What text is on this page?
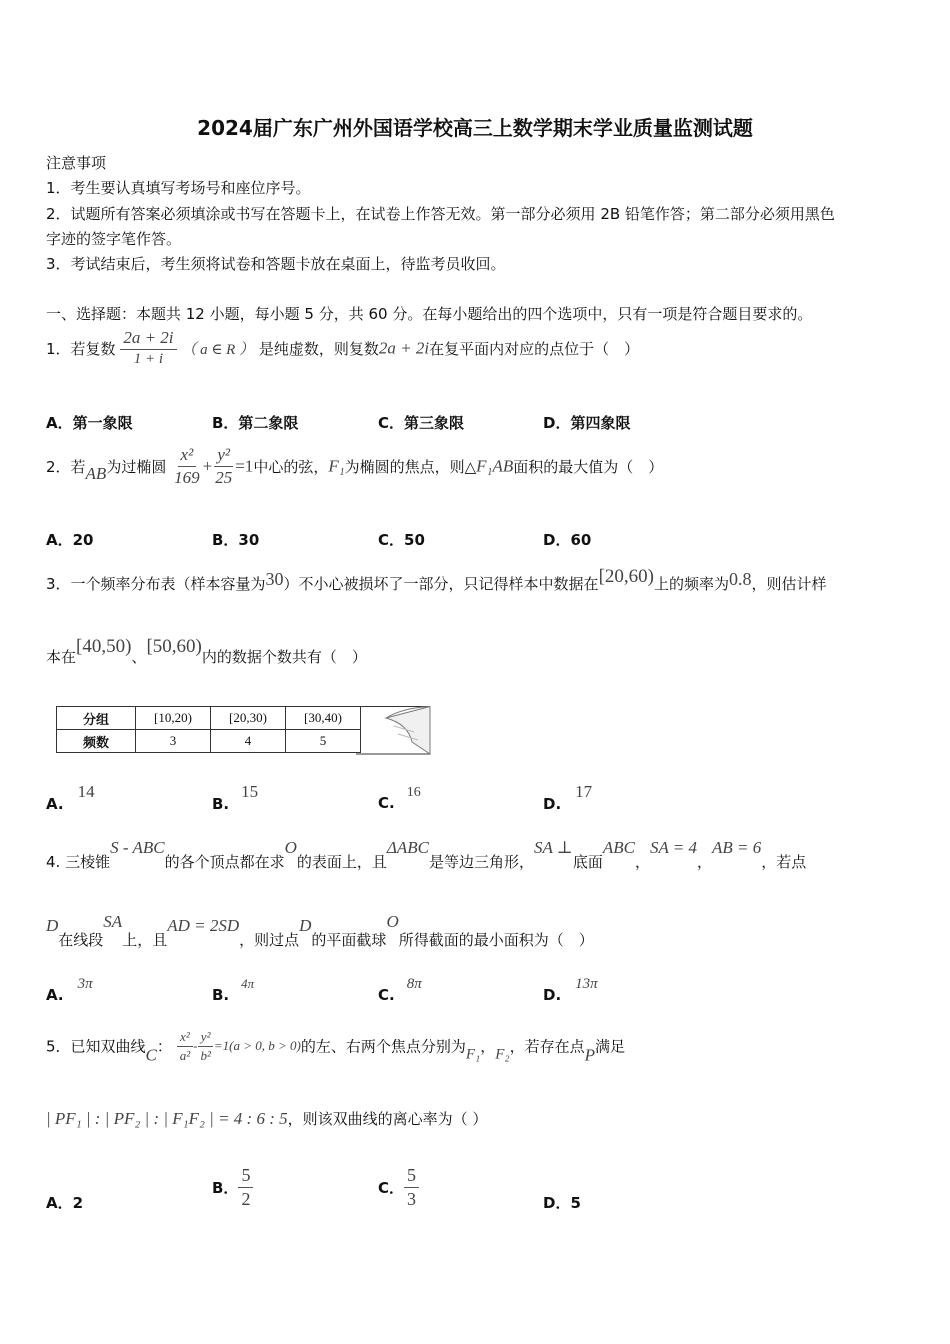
2024届广东广州外国语学校高三上数学期末学业质量监测试题
注意事项
1．考生要认真填写考场号和座位序号。
2．试题所有答案必须填涂或书写在答题卡上，在试卷上作答无效。第一部分必须用 2B 铅笔作答；第二部分必须用黑色
字迹的签字笔作答。
3．考试结束后，考生须将试卷和答题卡放在桌面上，待监考员收回。
一、选择题：本题共 12 小题，每小题 5 分，共 60 分。在每小题给出的四个选项中，只有一项是符合题目要求的。
1．若复数 $\frac{2a + 2i}{1 + i}$ （ a ∈ R ） 是纯虚数，则复数2a + 2i在复平面内对应的点位于（　）
A．第一象限	B．第二象限	C．第三象限	D．第四象限
2．若AB为过椭圆 $\frac{\text{x²}}{169} + \frac{\text{y²}}{25} =1$中心的弦，F₁为椭圆的焦点，则△F₁AB面积的最大值为（　）
A．20	B．30	C．50	D．60
3．一个频率分布表（样本容量为30）不小心被损坏了一部分，只记得样本中数据在[20,60)上的频率为0.8，则估计样
本在[40,50)、[50,60)内的数据个数共有（　）
分组	[10,20)	[20,30)	[30,40)	
频数	3	4	5	
A.14
B.15
C.16
D.17
4. 三棱锥S - ABC的各个顶点都在求O的表面上，且ΔABC是等边三角形，SA ⊥底面ABC，SA = 4，AB = 6，若点
D在线段SA上，且AD = 2SD，则过点D的平面截球O所得截面的最小面积为（　）
A.3π
B.4π
C.8π
D.13π
5．已知双曲线C： $\frac{\text{x²}}{\text{a²}} - \frac{\text{y²}}{\text{b²}} =1(a > 0$, b > 0)的左、右两个焦点分别为F₁，F₂，若存在点P满足
| PF₁ | : | PF₂ | : | F₁F₂ | = 4 : 6 : 5，则该双曲线的离心率为（ ）
A．2
B． $\frac{5}{2}$	C． $\frac{5}{3}$	D．5
